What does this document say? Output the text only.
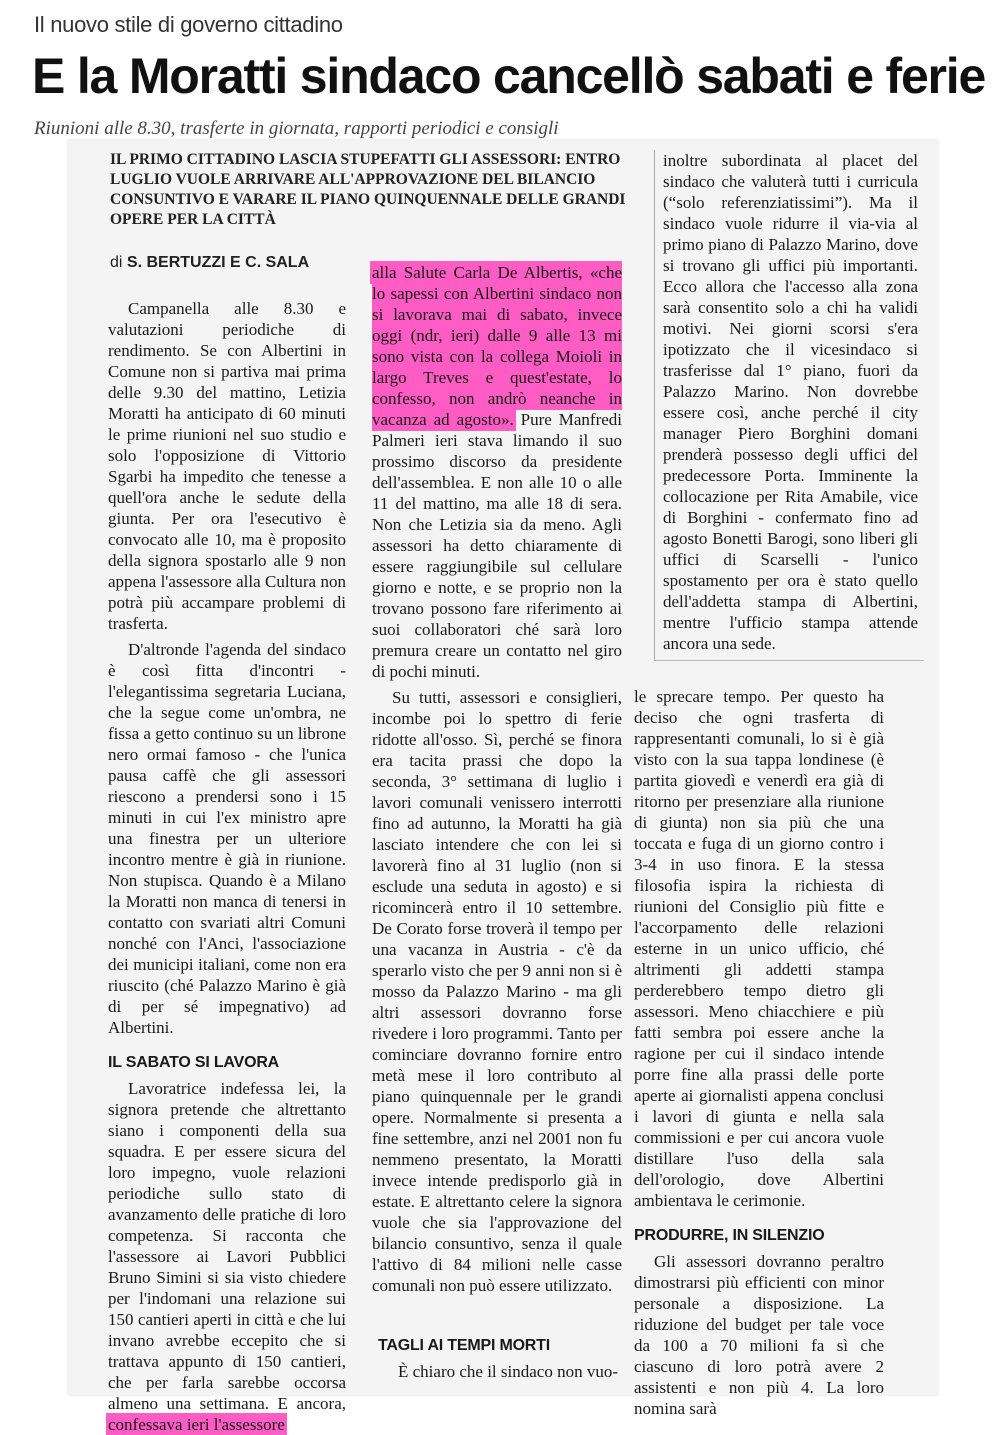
Il nuovo stile di governo cittadino
E la Moratti sindaco cancellò sabati e ferie
Riunioni alle 8.30, trasferte in giornata, rapporti periodici e consigli
IL PRIMO CITTADINO LASCIA STUPEFATTI GLI ASSESSORI: ENTRO LUGLIO VUOLE ARRIVARE ALL'APPROVAZIONE DEL BILANCIO CONSUNTIVO E VARARE IL PIANO QUINQUENNALE DELLE GRANDI OPERE PER LA CITTÀ
di S. BERTUZZI E C. SALA

Campanella alle 8.30 e valutazioni periodiche di rendimento. Se con Albertini in Comune non si partiva mai prima delle 9.30 del mattino, Letizia Moratti ha anticipato di 60 minuti le prime riunioni nel suo studio e solo l'opposizione di Vittorio Sgarbi ha impedito che tenesse a quell'ora anche le sedute della giunta. Per ora l'esecutivo è convocato alle 10, ma è proposito della signora spostarlo alle 9 non appena l'assessore alla Cultura non potrà più accampare problemi di trasferta.

D'altronde l'agenda del sindaco è così fitta d'incontri - l'elegantissima segretaria Luciana, che la segue come un'ombra, ne fissa a getto continuo su un librone nero ormai famoso - che l'unica pausa caffè che gli assessori riescono a prendersi sono i 15 minuti in cui l'ex ministro apre una finestra per un ulteriore incontro mentre è già in riunione. Non stupisca. Quando è a Milano la Moratti non manca di tenersi in contatto con svariati altri Comuni nonché con l'Anci, l'associazione dei municipi italiani, come non era riuscito (ché Palazzo Marino è già di per sé impegnativo) ad Albertini.

IL SABATO SI LAVORA

Lavoratrice indefessa lei, la signora pretende che altrettanto siano i componenti della sua squadra. E per essere sicura del loro impegno, vuole relazioni periodiche sullo stato di avanzamento delle pratiche di loro competenza. Si racconta che l'assessore ai Lavori Pubblici Bruno Simini si sia visto chiedere per l'indomani una relazione sui 150 cantieri aperti in città e che lui invano avrebbe eccepito che si trattava appunto di 150 cantieri, che per farla sarebbe occorsa almeno una settimana. E ancora, confessava ieri l'assessore

alla Salute Carla De Albertis, «che lo sapessi con Albertini sindaco non si lavorava mai di sabato, invece oggi (ndr, ieri) dalle 9 alle 13 mi sono vista con la collega Moioli in largo Treves e quest'estate, lo confesso, non andrò neanche in vacanza ad agosto». Pure Manfredi Palmeri ieri stava limando il suo prossimo discorso da presidente dell'assemblea. E non alle 10 o alle 11 del mattino, ma alle 18 di sera. Non che Letizia sia da meno. Agli assessori ha detto chiaramente di essere raggiungibile sul cellulare giorno e notte, e se proprio non la trovano possono fare riferimento ai suoi collaboratori ché sarà loro premura creare un contatto nel giro di pochi minuti.

Su tutti, assessori e consiglieri, incombe poi lo spettro di ferie ridotte all'osso. Sì, perché se finora era tacita prassi che dopo la seconda, 3° settimana di luglio i lavori comunali venissero interrotti fino ad autunno, la Moratti ha già lasciato intendere che con lei si lavorerà fino al 31 luglio (non si esclude una seduta in agosto) e si ricomincerà entro il 10 settembre. De Corato forse troverà il tempo per una vacanza in Austria - c'è da sperarlo visto che per 9 anni non si è mosso da Palazzo Marino - ma gli altri assessori dovranno forse rivedere i loro programmi. Tanto per cominciare dovranno fornire entro metà mese il loro contributo al piano quinquennale per le grandi opere. Normalmente si presenta a fine settembre, anzi nel 2001 non fu nemmeno presentato, la Moratti invece intende predisporlo già in estate. E altrettanto celere la signora vuole che sia l'approvazione del bilancio consuntivo, senza il quale l'attivo di 84 milioni nelle casse comunali non può essere utilizzato.

TAGLI AI TEMPI MORTI

È chiaro che il sindaco non vuo-

inoltre subordinata al placet del sindaco che valuterà tutti i curricula (“solo referenziatissimi”). Ma il sindaco vuole ridurre il via-via al primo piano di Palazzo Marino, dove si trovano gli uffici più importanti. Ecco allora che l'accesso alla zona sarà consentito solo a chi ha validi motivi. Nei giorni scorsi s'era ipotizzato che il vicesindaco si trasferisse dal 1° piano, fuori da Palazzo Marino. Non dovrebbe essere così, anche perché il city manager Piero Borghini domani prenderà possesso degli uffici del predecessore Porta. Imminente la collocazione per Rita Amabile, vice di Borghini - confermato fino ad agosto Bonetti Barogi, sono liberi gli uffici di Scarselli - l'unico spostamento per ora è stato quello dell'addetta stampa di Albertini, mentre l'ufficio stampa attende ancora una sede.

le sprecare tempo. Per questo ha deciso che ogni trasferta di rappresentanti comunali, lo si è già visto con la sua tappa londinese (è partita giovedì e venerdì era già di ritorno per presenziare alla riunione di giunta) non sia più che una toccata e fuga di un giorno contro i 3-4 in uso finora. E la stessa filosofia ispira la richiesta di riunioni del Consiglio più fitte e l'accorpamento delle relazioni esterne in un unico ufficio, ché altrimenti gli addetti stampa perderebbero tempo dietro gli assessori. Meno chiacchiere e più fatti sembra poi essere anche la ragione per cui il sindaco intende porre fine alla prassi delle porte aperte ai giornalisti appena conclusi i lavori di giunta e nella sala commissioni e per cui ancora vuole distillare l'uso della sala dell'orologio, dove Albertini ambientava le cerimonie.

PRODURRE, IN SILENZIO

Gli assessori dovranno peraltro dimostrarsi più efficienti con minor personale a disposizione. La riduzione del budget per tale voce da 100 a 70 milioni fa sì che ciascuno di loro potrà avere 2 assistenti e non più 4. La loro nomina sarà
